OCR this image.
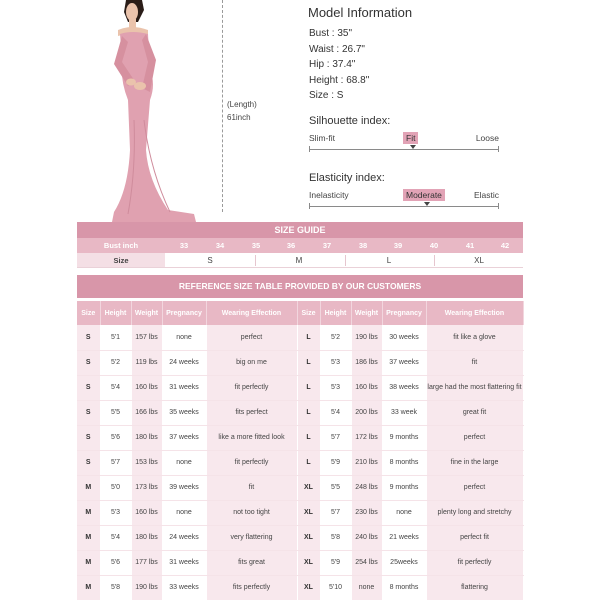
(Length)
61inch
Model Information
Bust : 35"
Waist : 26.7"
Hip : 37.4"
Height : 68.8"
Size : S
Silhouette index:
Slim-fit	Fit	Loose
Elasticity index:
Inelasticity	Moderate	Elastic
SIZE GUIDE
Bust inch	33	34	35	36	37	38	39	40	41	42
Size	S	M	L	XL
REFERENCE SIZE TABLE PROVIDED BY OUR CUSTOMERS
Size	Height	Weight	Pregnancy	Wearing Effection	Size	Height	Weight	Pregnancy	Wearing Effection
S	5'1	157 lbs	none	perfect	L	5'2	190 lbs	30 weeks	fit like a glove
S	5'2	119 lbs	24 weeks	big on me	L	5'3	186 lbs	37 weeks	fit
S	5'4	160 lbs	31 weeks	fit perfectly	L	5'3	160 lbs	38 weeks	large had the most flattering fit
S	5'5	166 lbs	35 weeks	fits perfect	L	5'4	200 lbs	33 week	great fit
S	5'6	180 lbs	37 weeks	like a more fitted look	L	5'7	172 lbs	9 months	perfect
S	5'7	153 lbs	none	fit perfectly	L	5'9	210 lbs	8 months	fine in the large
M	5'0	173 lbs	39 weeks	fit	XL	5'5	248 lbs	9 months	perfect
M	5'3	160 lbs	none	not too tight	XL	5'7	230 lbs	none	plenty long and stretchy
M	5'4	180 lbs	24 weeks	very flattering	XL	5'8	240 lbs	21 weeks	perfect fit
M	5'6	177 lbs	31 weeks	fits great	XL	5'9	254 lbs	25weeks	fit perfectly
M	5'8	190 lbs	33 weeks	fits perfectly	XL	5'10	none	8 months	flattering
